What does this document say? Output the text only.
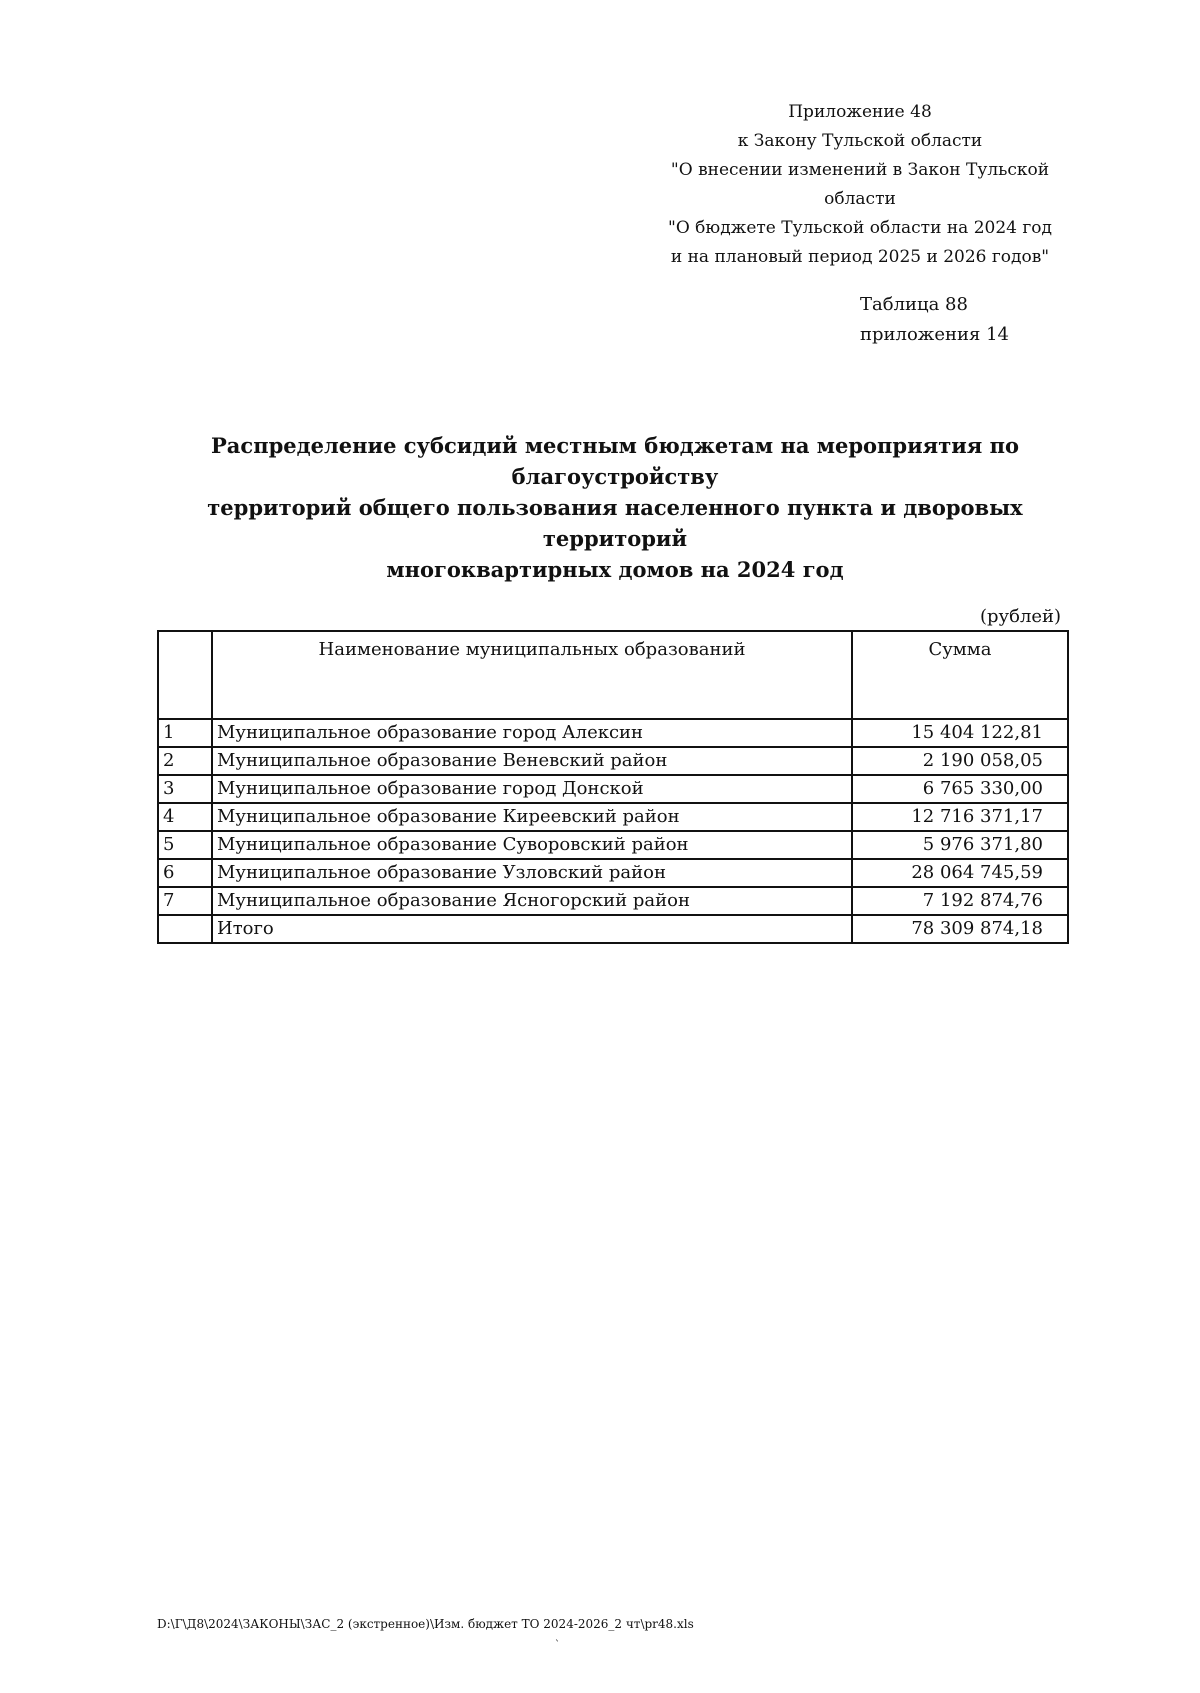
Приложение 48
к Закону Тульской области
"О внесении изменений в Закон Тульской области
"О бюджете Тульской области на 2024 год
и на плановый период 2025 и 2026 годов"
Таблица 88
приложения 14
Распределение субсидий местным бюджетам на мероприятия по благоустройству
территорий общего пользования населенного пункта и дворовых территорий
многоквартирных домов на 2024 год
(рублей)
	Наименование муниципальных образований	Сумма
1	Муниципальное образование город Алексин	15 404 122,81
2	Муниципальное образование Веневский район	2 190 058,05
3	Муниципальное образование город Донской	6 765 330,00
4	Муниципальное образование Киреевский район	12 716 371,17
5	Муниципальное образование Суворовский район	5 976 371,80
6	Муниципальное образование Узловский район	28 064 745,59
7	Муниципальное образование Ясногорский район	7 192 874,76
	Итого	78 309 874,18
D:\Г\Д8\2024\ЗАКОНЫ\ЗАС_2 (экстренное)\Изм. бюджет ТО 2024-2026_2 чт\pr48.xls
`
